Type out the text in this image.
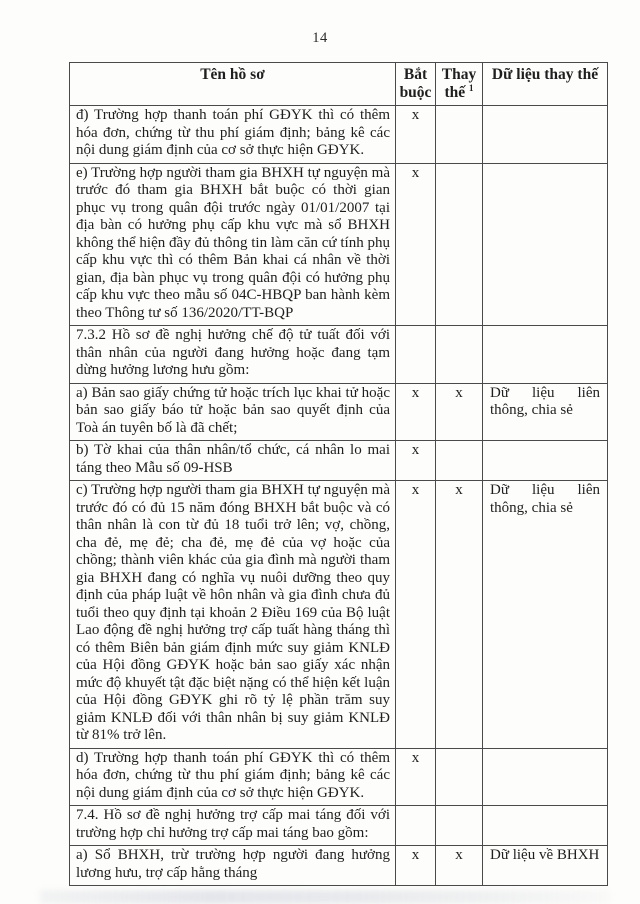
14
Tên hồ sơ	Bắt buộc	Thay thế $^1$	Dữ liệu thay thế
đ) Trường hợp thanh toán phí GĐYK thì có thêm hóa đơn, chứng từ thu phí giám định; bảng kê các nội dung giám định của cơ sở thực hiện GĐYK.	x		
e) Trường hợp người tham gia BHXH tự nguyện mà trước đó tham gia BHXH bắt buộc có thời gian phục vụ trong quân đội trước ngày 01/01/2007 tại địa bàn có hưởng phụ cấp khu vực mà sổ BHXH không thể hiện đầy đủ thông tin làm căn cứ tính phụ cấp khu vực thì có thêm Bản khai cá nhân về thời gian, địa bàn phục vụ trong quân đội có hưởng phụ cấp khu vực theo mẫu số 04C-HBQP ban hành kèm theo Thông tư số 136/2020/TT-BQP	x		
7.3.2 Hồ sơ đề nghị hưởng chế độ tử tuất đối với thân nhân của người đang hưởng hoặc đang tạm dừng hưởng lương hưu gồm:			
a) Bản sao giấy chứng tử hoặc trích lục khai tử hoặc bản sao giấy báo tử hoặc bản sao quyết định của Toà án tuyên bố là đã chết;	x	x	Dữ liệu liên thông, chia sẻ
b) Tờ khai của thân nhân/tổ chức, cá nhân lo mai táng theo Mẫu số 09-HSB	x		
c) Trường hợp người tham gia BHXH tự nguyện mà trước đó có đủ 15 năm đóng BHXH bắt buộc và có thân nhân là con từ đủ 18 tuổi trở lên; vợ, chồng, cha đẻ, mẹ đẻ; cha đẻ, mẹ đẻ của vợ hoặc của chồng; thành viên khác của gia đình mà người tham gia BHXH đang có nghĩa vụ nuôi dưỡng theo quy định của pháp luật về hôn nhân và gia đình chưa đủ tuổi theo quy định tại khoản 2 Điều 169 của Bộ luật Lao động đề nghị hưởng trợ cấp tuất hàng tháng thì có thêm Biên bản giám định mức suy giảm KNLĐ của Hội đồng GĐYK hoặc bản sao giấy xác nhận mức độ khuyết tật đặc biệt nặng có thể hiện kết luận của Hội đồng GĐYK ghi rõ tỷ lệ phần trăm suy giảm KNLĐ đối với thân nhân bị suy giảm KNLĐ từ 81% trở lên.	x	x	Dữ liệu liên thông, chia sẻ
d) Trường hợp thanh toán phí GĐYK thì có thêm hóa đơn, chứng từ thu phí giám định; bảng kê các nội dung giám định của cơ sở thực hiện GĐYK.	x		
7.4. Hồ sơ đề nghị hưởng trợ cấp mai táng đối với trường hợp chỉ hưởng trợ cấp mai táng bao gồm:			
a) Sổ BHXH, trừ trường hợp người đang hưởng lương hưu, trợ cấp hằng tháng	x	x	Dữ liệu về BHXH
